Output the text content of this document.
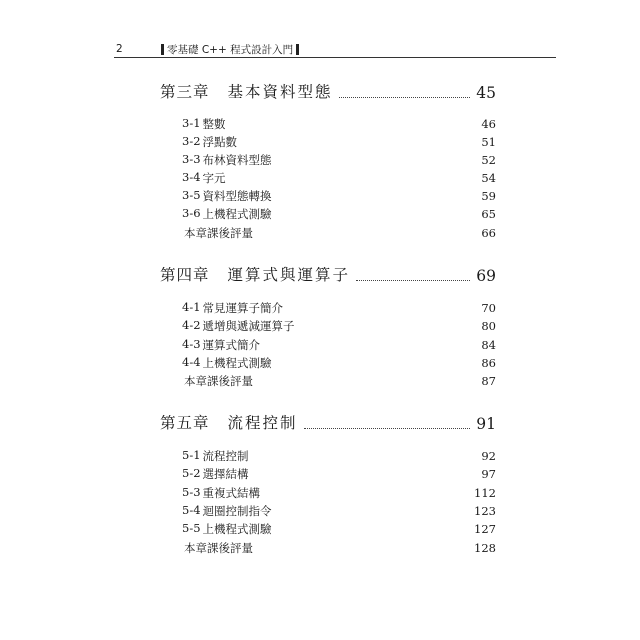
2	零基礎 C++ 程式設計入門
第三章 基本資料型態	45
3-1 整數	46
3-2 浮點數	51
3-3 布林資料型態	52
3-4 字元	54
3-5 資料型態轉換	59
3-6 上機程式測驗	65
本章課後評量	66
第四章 運算式與運算子	69
4-1 常見運算子簡介	70
4-2 遞增與遞減運算子	80
4-3 運算式簡介	84
4-4 上機程式測驗	86
本章課後評量	87
第五章 流程控制	91
5-1 流程控制	92
5-2 選擇結構	97
5-3 重複式結構	112
5-4 迴圈控制指令	123
5-5 上機程式測驗	127
本章課後評量	128
